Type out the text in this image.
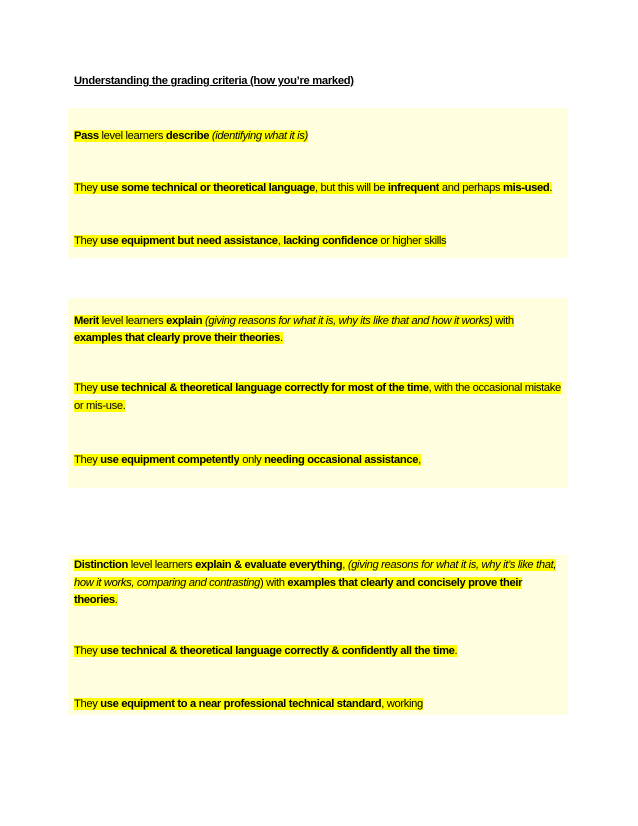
Understanding the grading criteria (how you’re marked)
Pass level learners describe (identifying what it is)
They use some technical or theoretical language, but this will be infrequent and perhaps mis-used.
They use equipment but need assistance, lacking confidence or higher skills
Merit level learners explain (giving reasons for what it is, why its like that and how it works) with
examples that clearly prove their theories.
They use technical & theoretical language correctly for most of the time, with the occasional mistake
or mis-use.
They use equipment competently only needing occasional assistance,
Distinction level learners explain & evaluate everything, (giving reasons for what it is, why it’s like that,
how it works, comparing and contrasting) with examples that clearly and concisely prove their
theories.
They use technical & theoretical language correctly & confidently all the time.
They use equipment to a near professional technical standard, working
